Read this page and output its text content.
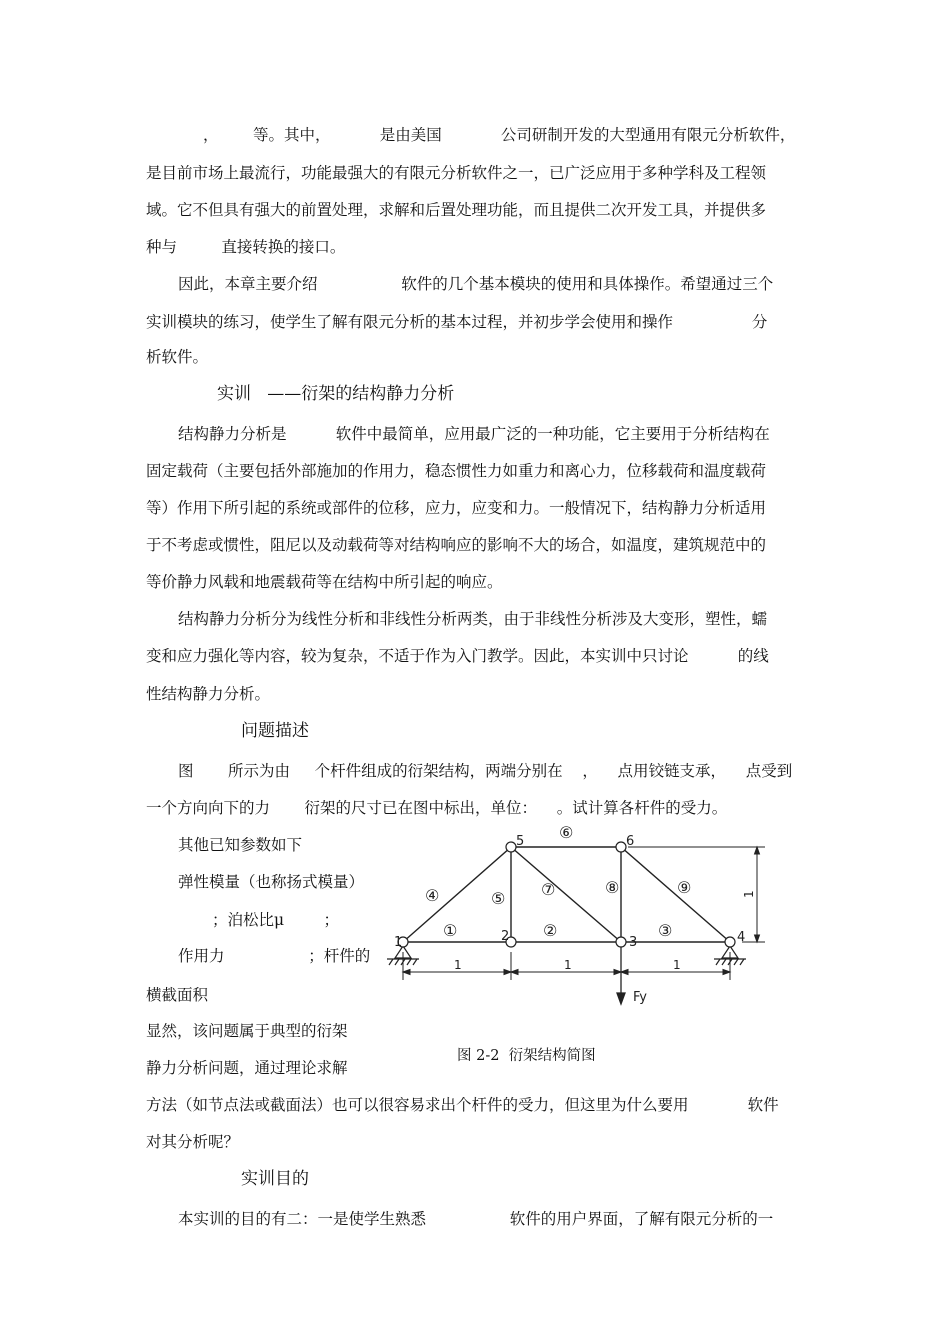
，       等。其中，          是由美国            公司研制开发的大型通用有限元分析软件，
是目前市场上最流行，功能最强大的有限元分析软件之一，已广泛应用于多种学科及工程领
域。它不但具有强大的前置处理，求解和后置处理功能，而且提供二次开发工具，并提供多
种与         直接转换的接口。
因此，本章主要介绍                 软件的几个基本模块的使用和具体操作。希望通过三个
实训模块的练习，使学生了解有限元分析的基本过程，并初步学会使用和操作                分
析软件。
实训   ——衍架的结构静力分析
结构静力分析是          软件中最简单，应用最广泛的一种功能，它主要用于分析结构在
固定载荷（主要包括外部施加的作用力，稳态惯性力如重力和离心力，位移载荷和温度载荷
等）作用下所引起的系统或部件的位移，应力，应变和力。一般情况下，结构静力分析适用
于不考虑或惯性，阻尼以及动载荷等对结构响应的影响不大的场合，如温度，建筑规范中的
等价静力风载和地震载荷等在结构中所引起的响应。
结构静力分析分为线性分析和非线性分析两类，由于非线性分析涉及大变形，塑性，蠕
变和应力强化等内容，较为复杂，不适于作为入门教学。因此，本实训中只讨论          的线
性结构静力分析。
问题描述
图       所示为由     个杆件组成的衍架结构，两端分别在    ，    点用铰链支承，    点受到
一个方向向下的力       衍架的尺寸已在图中标出，单位：    。试计算各杆件的受力。
其他已知参数如下
弹性模量（也称扬式模量）
；泊松比μ        ；
作用力                 ；杆件的
横截面积
显然，该问题属于典型的衍架
静力分析问题，通过理论求解
1	2	3	4
5	6
①	②	③
④	⑤
⑥
⑦	⑧	⑨
1	1	1
1
Fy
图 2-2  衍架结构简图
方法（如节点法或截面法）也可以很容易求出个杆件的受力，但这里为什么要用            软件
对其分析呢？
实训目的
本实训的目的有二：一是使学生熟悉                 软件的用户界面，了解有限元分析的一
